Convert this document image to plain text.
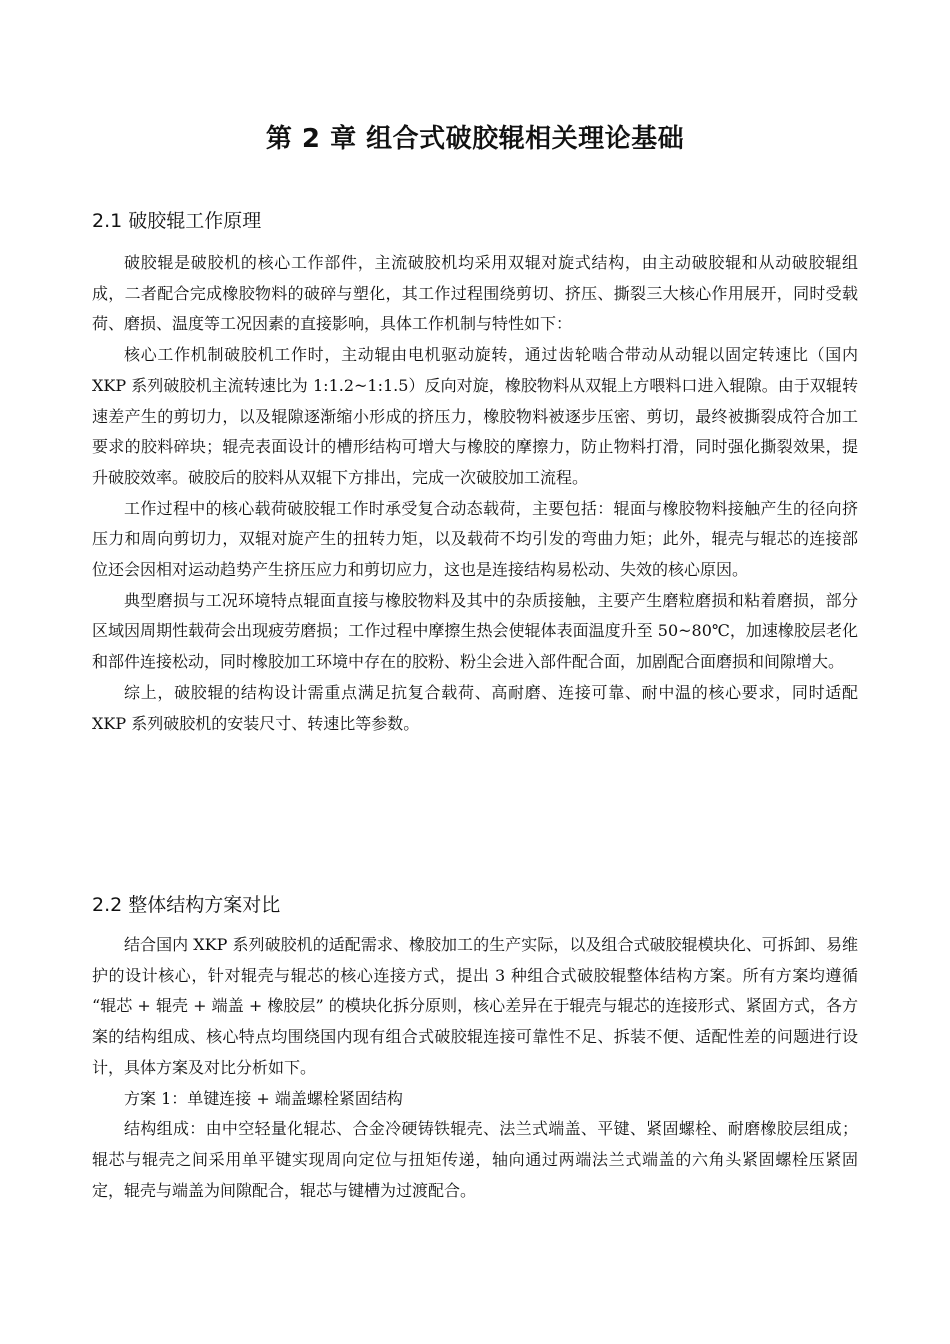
第 2 章 组合式破胶辊相关理论基础
2.1 破胶辊工作原理

破胶辊是破胶机的核心工作部件，主流破胶机均采用双辊对旋式结构，由主动破胶辊和从动破胶辊组成，二者配合完成橡胶物料的破碎与塑化，其工作过程围绕剪切、挤压、撕裂三大核心作用展开，同时受载荷、磨损、温度等工况因素的直接影响，具体工作机制与特性如下：

核心工作机制破胶机工作时，主动辊由电机驱动旋转，通过齿轮啮合带动从动辊以固定转速比（国内 XKP 系列破胶机主流转速比为 1:1.2~1:1.5）反向对旋，橡胶物料从双辊上方喂料口进入辊隙。由于双辊转速差产生的剪切力，以及辊隙逐渐缩小形成的挤压力，橡胶物料被逐步压密、剪切，最终被撕裂成符合加工要求的胶料碎块；辊壳表面设计的槽形结构可增大与橡胶的摩擦力，防止物料打滑，同时强化撕裂效果，提升破胶效率。破胶后的胶料从双辊下方排出，完成一次破胶加工流程。

工作过程中的核心载荷破胶辊工作时承受复合动态载荷，主要包括：辊面与橡胶物料接触产生的径向挤压力和周向剪切力，双辊对旋产生的扭转力矩，以及载荷不均引发的弯曲力矩；此外，辊壳与辊芯的连接部位还会因相对运动趋势产生挤压应力和剪切应力，这也是连接结构易松动、失效的核心原因。

典型磨损与工况环境特点辊面直接与橡胶物料及其中的杂质接触，主要产生磨粒磨损和粘着磨损，部分区域因周期性载荷会出现疲劳磨损；工作过程中摩擦生热会使辊体表面温度升至 50~80℃，加速橡胶层老化和部件连接松动，同时橡胶加工环境中存在的胶粉、粉尘会进入部件配合面，加剧配合面磨损和间隙增大。

综上，破胶辊的结构设计需重点满足抗复合载荷、高耐磨、连接可靠、耐中温的核心要求，同时适配 XKP 系列破胶机的安装尺寸、转速比等参数。

2.2 整体结构方案对比

结合国内 XKP 系列破胶机的适配需求、橡胶加工的生产实际，以及组合式破胶辊模块化、可拆卸、易维护的设计核心，针对辊壳与辊芯的核心连接方式，提出 3 种组合式破胶辊整体结构方案。所有方案均遵循 “辊芯 + 辊壳 + 端盖 + 橡胶层” 的模块化拆分原则，核心差异在于辊壳与辊芯的连接形式、紧固方式，各方案的结构组成、核心特点均围绕国内现有组合式破胶辊连接可靠性不足、拆装不便、适配性差的问题进行设计，具体方案及对比分析如下。

方案 1：单键连接 + 端盖螺栓紧固结构

结构组成：由中空轻量化辊芯、合金冷硬铸铁辊壳、法兰式端盖、平键、紧固螺栓、耐磨橡胶层组成；辊芯与辊壳之间采用单平键实现周向定位与扭矩传递，轴向通过两端法兰式端盖的六角头紧固螺栓压紧固定，辊壳与端盖为间隙配合，辊芯与键槽为过渡配合。
